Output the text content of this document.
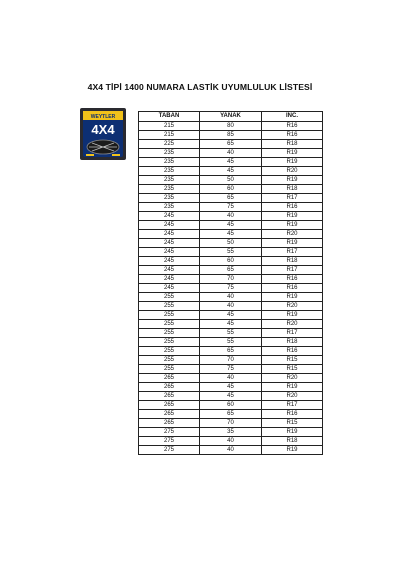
4X4 TİPİ 1400 NUMARA LASTİK UYUMLULUK LİSTESİ
WEYTLER
4X4
TABAN	YANAK	INC.
215	80	R16
215	85	R16
225	65	R18
235	40	R19
235	45	R19
235	45	R20
235	50	R19
235	60	R18
235	65	R17
235	75	R16
245	40	R19
245	45	R19
245	45	R20
245	50	R19
245	55	R17
245	60	R18
245	65	R17
245	70	R16
245	75	R16
255	40	R19
255	40	R20
255	45	R19
255	45	R20
255	55	R17
255	55	R18
255	65	R16
255	70	R15
255	75	R15
265	40	R20
265	45	R19
265	45	R20
265	60	R17
265	65	R16
265	70	R15
275	35	R19
275	40	R18
275	40	R19
